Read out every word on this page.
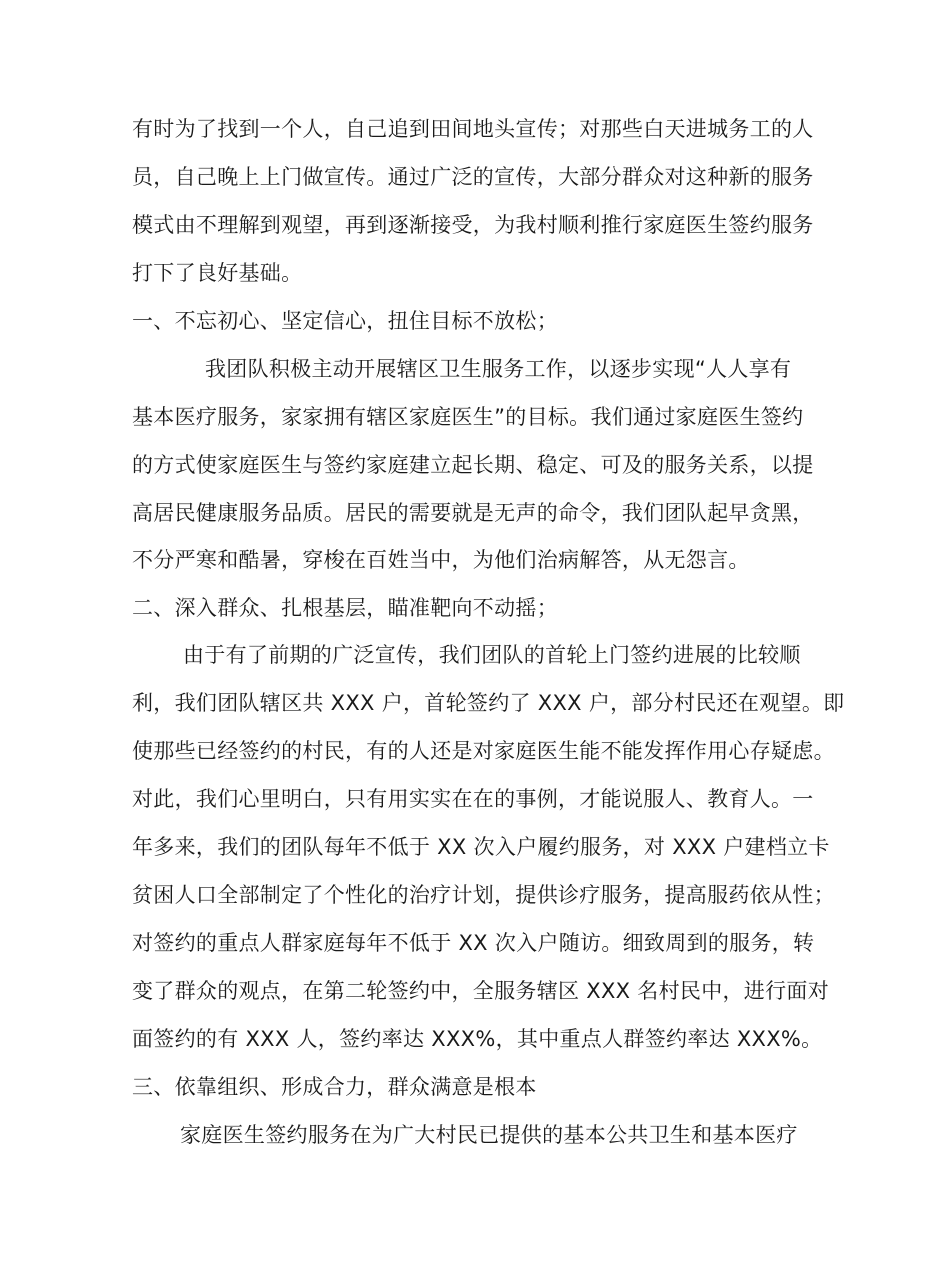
有时为了找到一个人，自己追到田间地头宣传；对那些白天进城务工的人
员，自己晚上上门做宣传。通过广泛的宣传，大部分群众对这种新的服务
模式由不理解到观望，再到逐渐接受，为我村顺利推行家庭医生签约服务
打下了良好基础。
一、不忘初心、坚定信心，扭住目标不放松；
我团队积极主动开展辖区卫生服务工作，以逐步实现“人人享有
基本医疗服务，家家拥有辖区家庭医生”的目标。我们通过家庭医生签约
的方式使家庭医生与签约家庭建立起长期、稳定、可及的服务关系，以提
高居民健康服务品质。居民的需要就是无声的命令，我们团队起早贪黑，
不分严寒和酷暑，穿梭在百姓当中，为他们治病解答，从无怨言。
二、深入群众、扎根基层，瞄准靶向不动摇；
由于有了前期的广泛宣传，我们团队的首轮上门签约进展的比较顺
利，我们团队辖区共 XXX 户，首轮签约了 XXX 户，部分村民还在观望。即
使那些已经签约的村民，有的人还是对家庭医生能不能发挥作用心存疑虑。
对此，我们心里明白，只有用实实在在的事例，才能说服人、教育人。一
年多来，我们的团队每年不低于 XX 次入户履约服务，对 XXX 户建档立卡
贫困人口全部制定了个性化的治疗计划，提供诊疗服务，提高服药依从性；
对签约的重点人群家庭每年不低于 XX 次入户随访。细致周到的服务，转
变了群众的观点，在第二轮签约中，全服务辖区 XXX 名村民中，进行面对
面签约的有 XXX 人，签约率达 XXX%，其中重点人群签约率达 XXX%。
三、依靠组织、形成合力，群众满意是根本
家庭医生签约服务在为广大村民已提供的基本公共卫生和基本医疗
